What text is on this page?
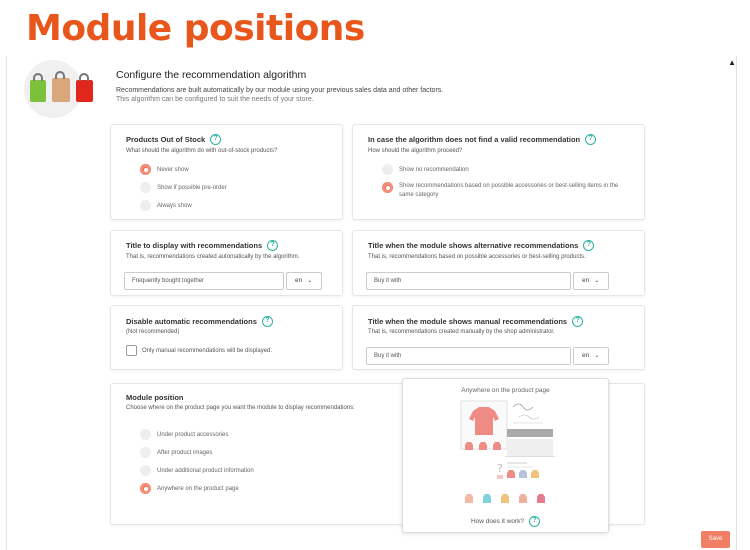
Module positions
▲
Configure the recommendation algorithm
Recommendations are built automatically by our module using your previous sales data and other factors.
This algorithm can be configured to suit the needs of your store.
Products Out of Stock	?
What should the algorithm do with out-of-stock products?
Never show
Show if possible pre-order
Always show
In case the algorithm does not find a valid recommendation	?
How should the algorithm proceed?
Show no recommendation
Show recommendations based on possible accessories or best-selling items in the same category
Title to display with recommendations	?
That is, recommendations created automatically by the algorithm.
Frequently bought together	en ⌄
Title when the module shows alternative recommendations	?
That is, recommendations based on possible accessories or best-selling products.
Buy it with	en ⌄
Disable automatic recommendations	?
(Not recommended)
Only manual recommendations will be displayed.
Title when the module shows manual recommendations	?
That is, recommendations created manually by the shop administrator.
Buy it with	en ⌄
Module position
Choose where on the product page you want the module to display recommendations:
Under product accessories
After product images
Under additional product information
Anywhere on the product page
Anywhere on the product page
?
How does it work?	?
Save
